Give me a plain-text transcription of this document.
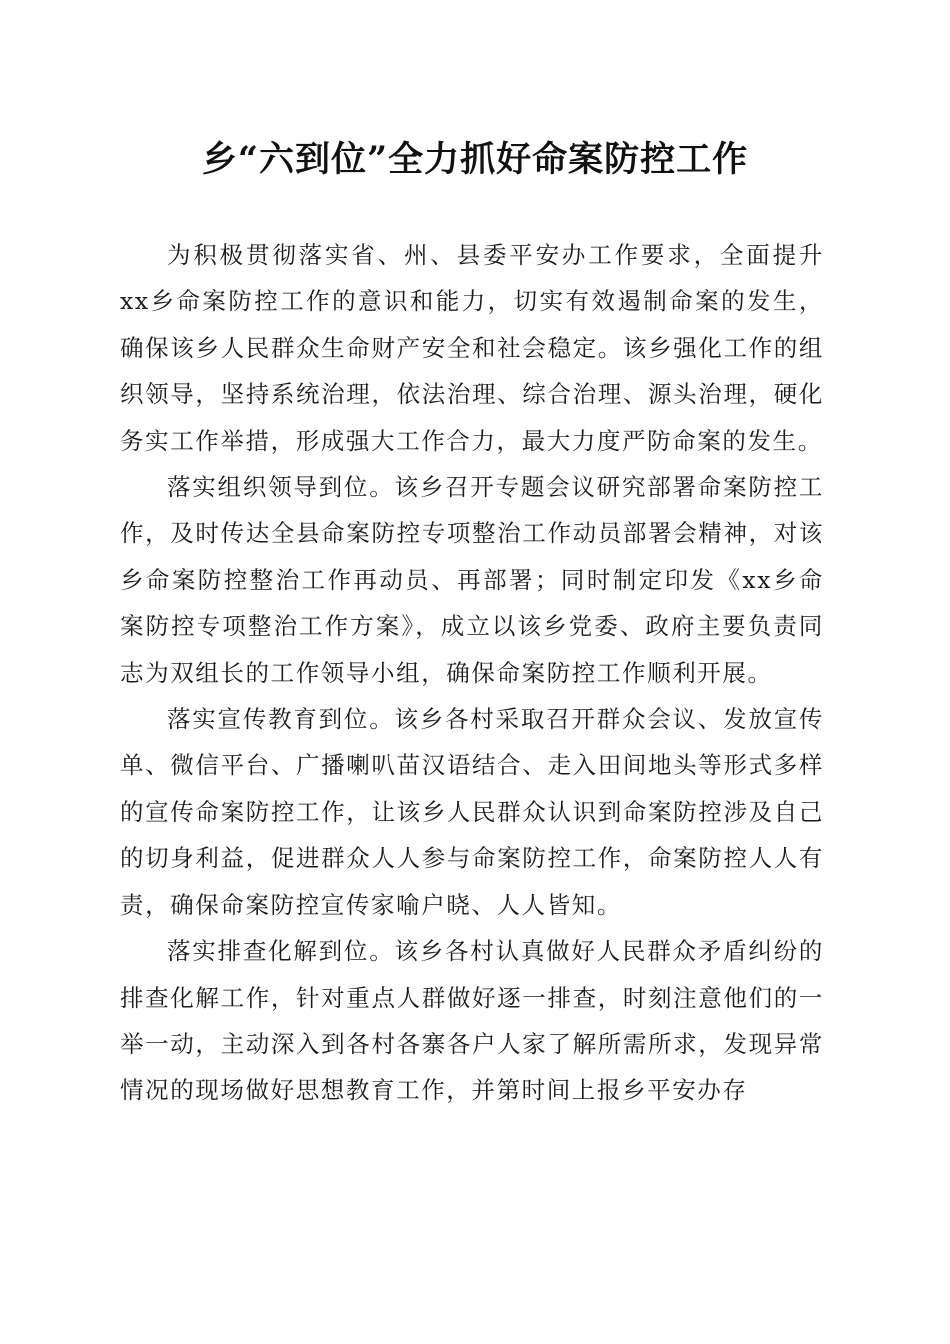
乡“六到位”全力抓好命案防控工作

为积极贯彻落实省、州、县委平安办工作要求，全面提升xx乡命案防控工作的意识和能力，切实有效遏制命案的发生，确保该乡人民群众生命财产安全和社会稳定。该乡强化工作的组织领导，坚持系统治理，依法治理、综合治理、源头治理，硬化务实工作举措，形成强大工作合力，最大力度严防命案的发生。

落实组织领导到位。该乡召开专题会议研究部署命案防控工作，及时传达全县命案防控专项整治工作动员部署会精神，对该乡命案防控整治工作再动员、再部署；同时制定印发《xx乡命案防控专项整治工作方案》，成立以该乡党委、政府主要负责同志为双组长的工作领导小组，确保命案防控工作顺利开展。

落实宣传教育到位。该乡各村采取召开群众会议、发放宣传单、微信平台、广播喇叭苗汉语结合、走入田间地头等形式多样的宣传命案防控工作，让该乡人民群众认识到命案防控涉及自己的切身利益，促进群众人人参与命案防控工作，命案防控人人有责，确保命案防控宣传家喻户晓、人人皆知。

落实排查化解到位。该乡各村认真做好人民群众矛盾纠纷的排查化解工作，针对重点人群做好逐一排查，时刻注意他们的一举一动，主动深入到各村各寨各户人家了解所需所求，发现异常情况的现场做好思想教育工作，并第时间上报乡平安办存
